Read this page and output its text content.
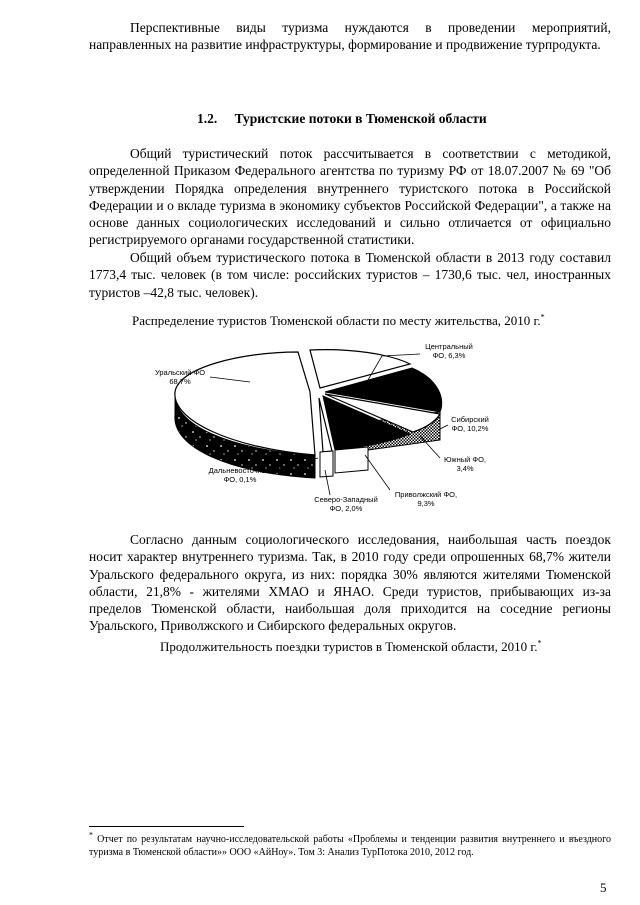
Перспективные виды туризма нуждаются в проведении мероприятий, направленных на развитие инфраструктуры, формирование и продвижение турпродукта.
1.2. Туристские потоки в Тюменской области
Общий туристический поток рассчитывается в соответствии с методикой, определенной Приказом Федерального агентства по туризму РФ от 18.07.2007 № 69 "Об утверждении Порядка определения внутреннего туристского потока в Российской Федерации и о вкладе туризма в экономику субъектов Российской Федерации", а также на основе данных социологических исследований и сильно отличается от официально регистрируемого органами государственной статистики.
Общий объем туристического потока в Тюменской области в 2013 году составил 1773,4 тыс. человек (в том числе: российских туристов – 1730,6 тыс. чел, иностранных туристов –42,8 тыс. человек).
Распределение туристов Тюменской области по месту жительства, 2010 г.*
Уральский ФО
68,7%
Центральный
ФО, 6,3%
Сибирский
ФО, 10,2%
Южный ФО,
3,4%
Приволжский ФО,
9,3%
Северо-Западный
ФО, 2,0%
Дальневосточный
ФО, 0,1%
Согласно данным социологического исследования, наибольшая часть поездок носит характер внутреннего туризма. Так, в 2010 году среди опрошенных 68,7% жители Уральского федерального округа, из них: порядка 30% являются жителями Тюменской области, 21,8% - жителями ХМАО и ЯНАО. Среди туристов, прибывающих из-за пределов Тюменской области, наибольшая доля приходится на соседние регионы Уральского, Приволжского и Сибирского федеральных округов.
Продолжительность поездки туристов в Тюменской области, 2010 г.*
* Отчет по результатам научно-исследовательской работы «Проблемы и тенденции развития внутреннего и въездного туризма в Тюменской области»» ООО «АйНоу». Том 3: Анализ ТурПотока 2010, 2012 год.
5
